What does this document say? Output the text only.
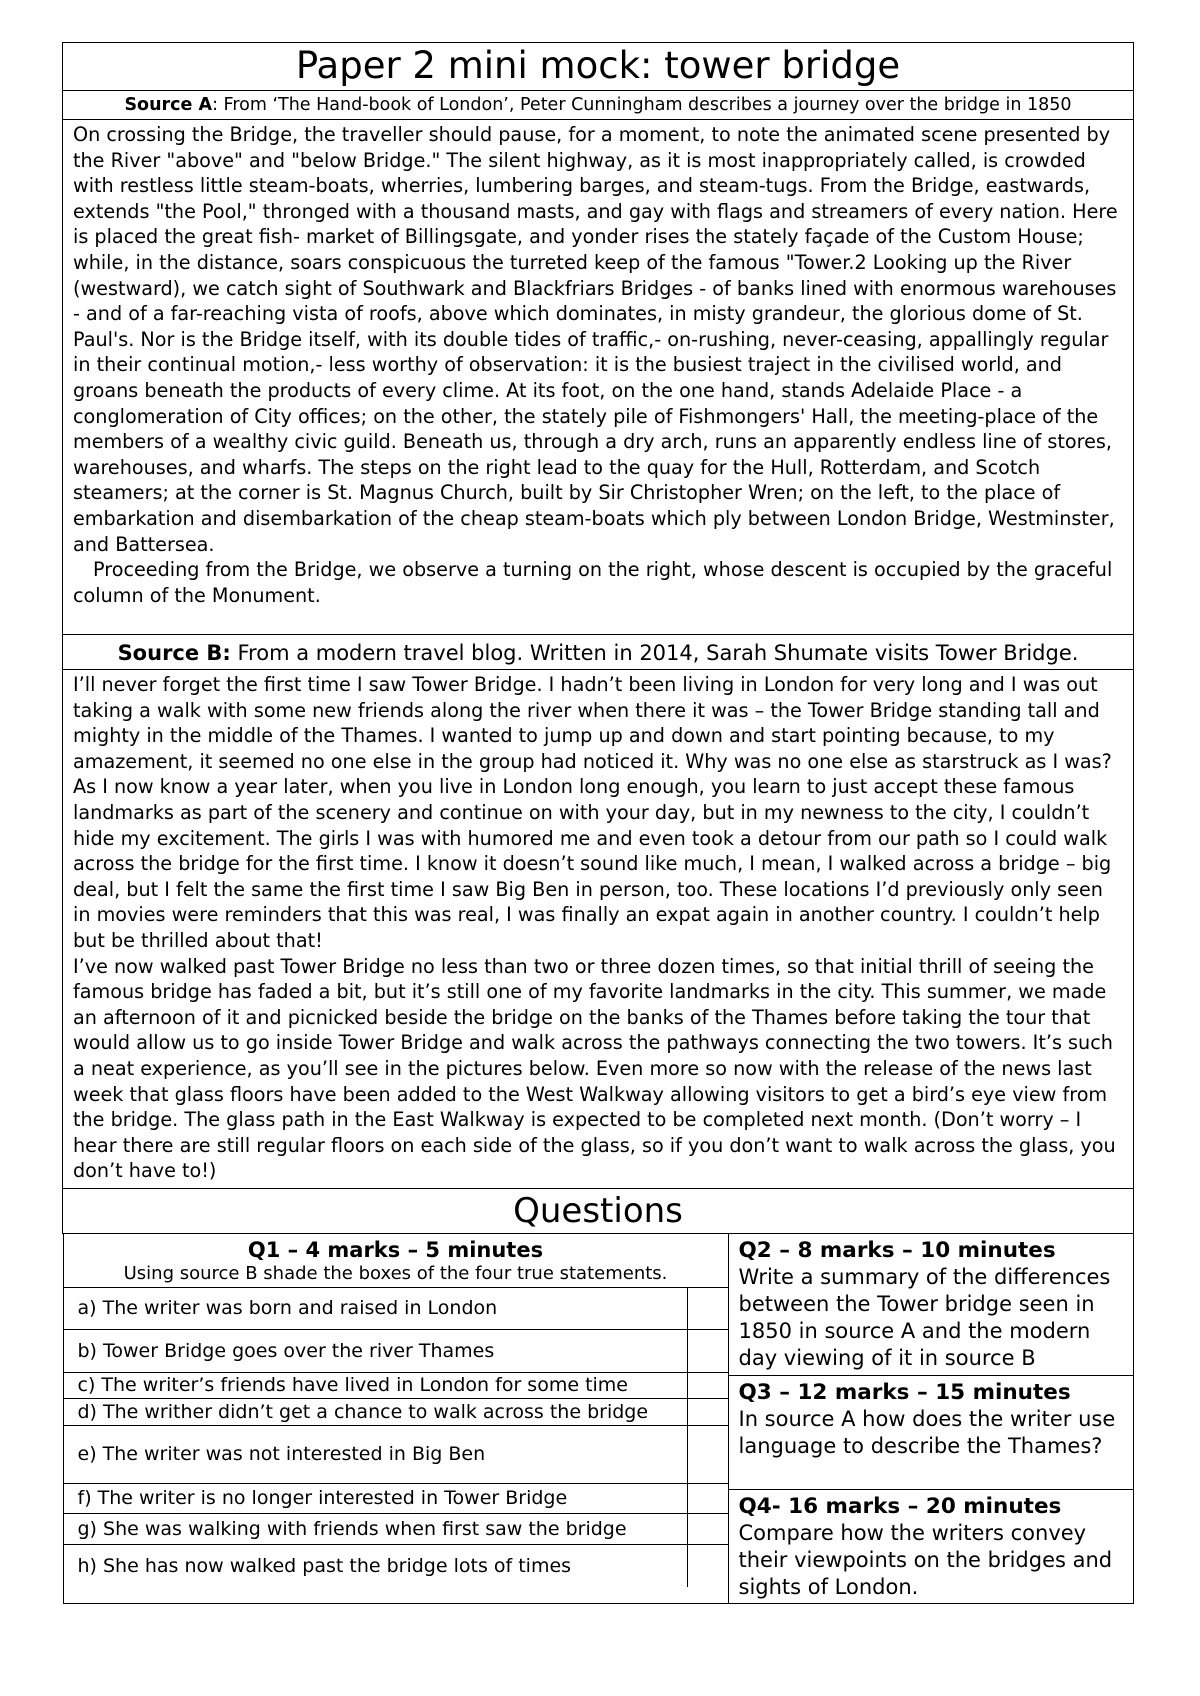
Paper 2 mini mock: tower bridge
Source A: From ‘The Hand-book of London’, Peter Cunningham describes a journey over the bridge in 1850

On crossing the Bridge, the traveller should pause, for a moment, to note the animated scene presented by the River "above" and "below Bridge." The silent highway, as it is most inappropriately called, is crowded with restless little steam-boats, wherries, lumbering barges, and steam-tugs. From the Bridge, eastwards, extends "the Pool," thronged with a thousand masts, and gay with flags and streamers of every nation. Here is placed the great fish- market of Billingsgate, and yonder rises the stately façade of the Custom House; while, in the distance, soars conspicuous the turreted keep of the famous "Tower.2 Looking up the River (westward), we catch sight of Southwark and Blackfriars Bridges - of banks lined with enormous warehouses - and of a far-reaching vista of roofs, above which dominates, in misty grandeur, the glorious dome of St. Paul's. Nor is the Bridge itself, with its double tides of traffic,- on-rushing, never-ceasing, appallingly regular in their continual motion,- less worthy of observation: it is the busiest traject in the civilised world, and groans beneath the products of every clime. At its foot, on the one hand, stands Adelaide Place - a conglomeration of City offices; on the other, the stately pile of Fishmongers' Hall, the meeting-place of the members of a wealthy civic guild. Beneath us, through a dry arch, runs an apparently endless line of stores, warehouses, and wharfs. The steps on the right lead to the quay for the Hull, Rotterdam, and Scotch steamers; at the corner is St. Magnus Church, built by Sir Christopher Wren; on the left, to the place of embarkation and disembarkation of the cheap steam-boats which ply between London Bridge, Westminster, and Battersea.

Proceeding from the Bridge, we observe a turning on the right, whose descent is occupied by the graceful column of the Monument.

Source B: From a modern travel blog. Written in 2014, Sarah Shumate visits Tower Bridge.

I’ll never forget the first time I saw Tower Bridge. I hadn’t been living in London for very long and I was out taking a walk with some new friends along the river when there it was – the Tower Bridge standing tall and mighty in the middle of the Thames. I wanted to jump up and down and start pointing because, to my amazement, it seemed no one else in the group had noticed it. Why was no one else as starstruck as I was? As I now know a year later, when you live in London long enough, you learn to just accept these famous landmarks as part of the scenery and continue on with your day, but in my newness to the city, I couldn’t hide my excitement. The girls I was with humored me and even took a detour from our path so I could walk across the bridge for the first time. I know it doesn’t sound like much, I mean, I walked across a bridge – big deal, but I felt the same the first time I saw Big Ben in person, too. These locations I’d previously only seen in movies were reminders that this was real, I was finally an expat again in another country. I couldn’t help but be thrilled about that!

I’ve now walked past Tower Bridge no less than two or three dozen times, so that initial thrill of seeing the famous bridge has faded a bit, but it’s still one of my favorite landmarks in the city. This summer, we made an afternoon of it and picnicked beside the bridge on the banks of the Thames before taking the tour that would allow us to go inside Tower Bridge and walk across the pathways connecting the two towers. It’s such a neat experience, as you’ll see in the pictures below. Even more so now with the release of the news last week that glass floors have been added to the West Walkway allowing visitors to get a bird’s eye view from the bridge. The glass path in the East Walkway is expected to be completed next month. (Don’t worry – I hear there are still regular floors on each side of the glass, so if you don’t want to walk across the glass, you don’t have to!)

Questions

Q1 – 4 marks – 5 minutes
Using source B shade the boxes of the four true statements.

a) The writer was born and raised in London	
b) Tower Bridge goes over the river Thames	
c) The writer’s friends have lived in London for some time	
d) The writher didn’t get a chance to walk across the bridge	
e) The writer was not interested in Big Ben	
f) The writer is no longer interested in Tower Bridge	
g) She was walking with friends when first saw the bridge	
h) She has now walked past the bridge lots of times	

Q2 – 8 marks – 10 minutes
Write a summary of the differences between the Tower bridge seen in 1850 in source A and the modern day viewing of it in source B

Q3 – 12 marks – 15 minutes
In source A how does the writer use language to describe the Thames?

Q4- 16 marks – 20 minutes
Compare how the writers convey their viewpoints on the bridges and sights of London.
